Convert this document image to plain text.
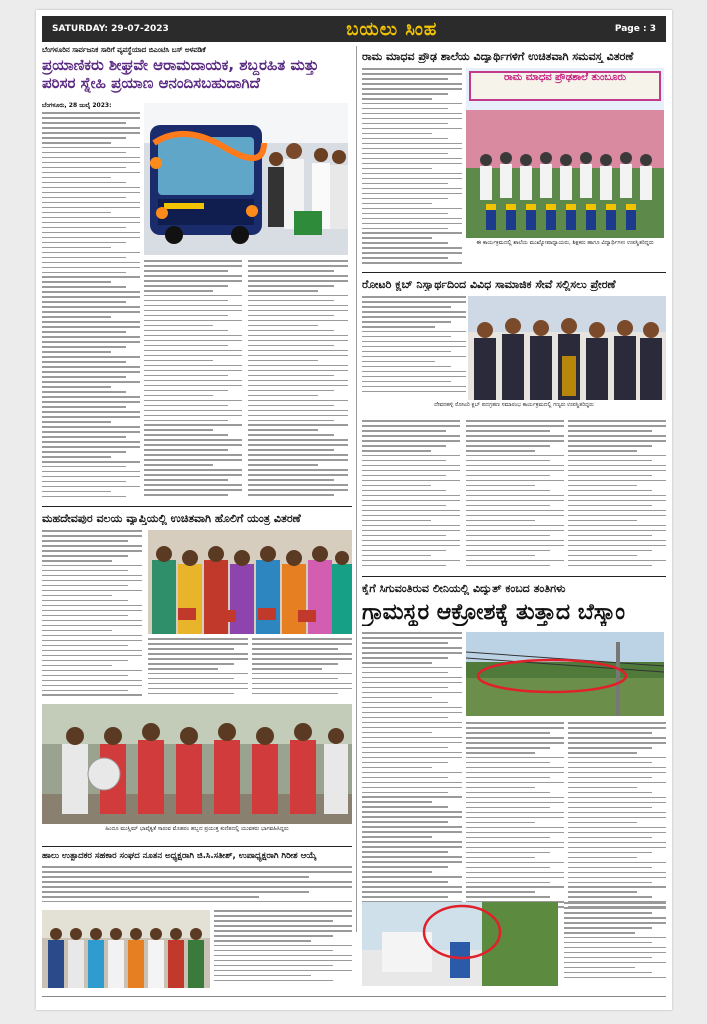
SATURDAY: 29-07-2023	ಬಯಲು ಸಿಂಹ	Page : 3
ಬೆಂಗಳೂರಿನ ಸಾರ್ವಜನಿಕ ಸಾರಿಗೆ ವ್ಯವಸ್ಥೆಯಾದ ಬಿಎಂಟಿಸಿ ಬಸ್ ಅಳವಡಿಕೆ
ಪ್ರಯಾಣಿಕರು ಶೀಘ್ರವೇ ಆರಾಮದಾಯಕ, ಶಬ್ದರಹಿತ ಮತ್ತು ಪರಿಸರ ಸ್ನೇಹಿ ಪ್ರಯಾಣ ಆನಂದಿಸಬಹುದಾಗಿದೆ
ಬೆಂಗಳೂರು, 28 ಜುಲೈ 2023:
ರಾಮ ಮಾಧವ ಪ್ರೌಢ ಶಾಲೆಯ ವಿದ್ಯಾರ್ಥಿಗಳಿಗೆ ಉಚಿತವಾಗಿ ಸಮವಸ್ತ್ರ ವಿತರಣೆ
ರಾಮ ಮಾಧವ ಪ್ರೌಢಶಾಲೆ ತುಂಬೂರು
ಈ ಕಾರ್ಯಕ್ರಮದಲ್ಲಿ ಶಾಲೆಯ ಮುಖ್ಯೋಪಾಧ್ಯಾಯರು, ಶಿಕ್ಷಕರು ಹಾಗೂ ವಿದ್ಯಾರ್ಥಿಗಳು ಉಪಸ್ಥಿತರಿದ್ದರು
ರೋಟರಿ ಕ್ಲಬ್ ನಿಸ್ವಾರ್ಥದಿಂದ ವಿವಿಧ ಸಾಮಾಜಿಕ ಸೇವೆ ಸಲ್ಲಿಸಲು ಪ್ರೇರಣೆ
ದೇವನಹಳ್ಳಿ ರೋಟರಿ ಕ್ಲಬ್ ಪದಗ್ರಹಣ ಸಮಾರಂಭ ಕಾರ್ಯಕ್ರಮದಲ್ಲಿ ಗಣ್ಯರು ಉಪಸ್ಥಿತರಿದ್ದರು
ಕೈಗೆ ಸಿಗುವಂತಿರುವ ಲೀನಿಯಲ್ಲಿ ವಿದ್ಯುತ್ ಕಂಬದ ತಂತಿಗಳು
ಗ್ರಾಮಸ್ಥರ ಆಕ್ರೋಶಕ್ಕೆ ತುತ್ತಾದ ಬೆಸ್ಕಾಂ
ಮಹದೇವಪುರ ವಲಯ ವ್ಯಾಪ್ತಿಯಲ್ಲಿ ಉಚಿತವಾಗಿ ಹೊಲಿಗೆ ಯಂತ್ರ ವಿತರಣೆ
ಹಿಂದೂ ಮುಸ್ಲಿಮ್ ಭಾವೈಕ್ಯತೆ ಸಾರುವ ಮೊಹರಂ ಹಬ್ಬದ ಪ್ರಯುಕ್ತ ಕುಣಿತದಲ್ಲಿ ಯುವಕರು ಭಾಗವಹಿಸಿದ್ದರು
ಹಾಲು ಉತ್ಪಾದಕರ ಸಹಕಾರ ಸಂಘದ ನೂತನ ಅಧ್ಯಕ್ಷರಾಗಿ ಜಿ.ಸಿ.ಸತೀಶ್, ಉಪಾಧ್ಯಕ್ಷರಾಗಿ ಗಿರೀಶ ಆಯ್ಕೆ
